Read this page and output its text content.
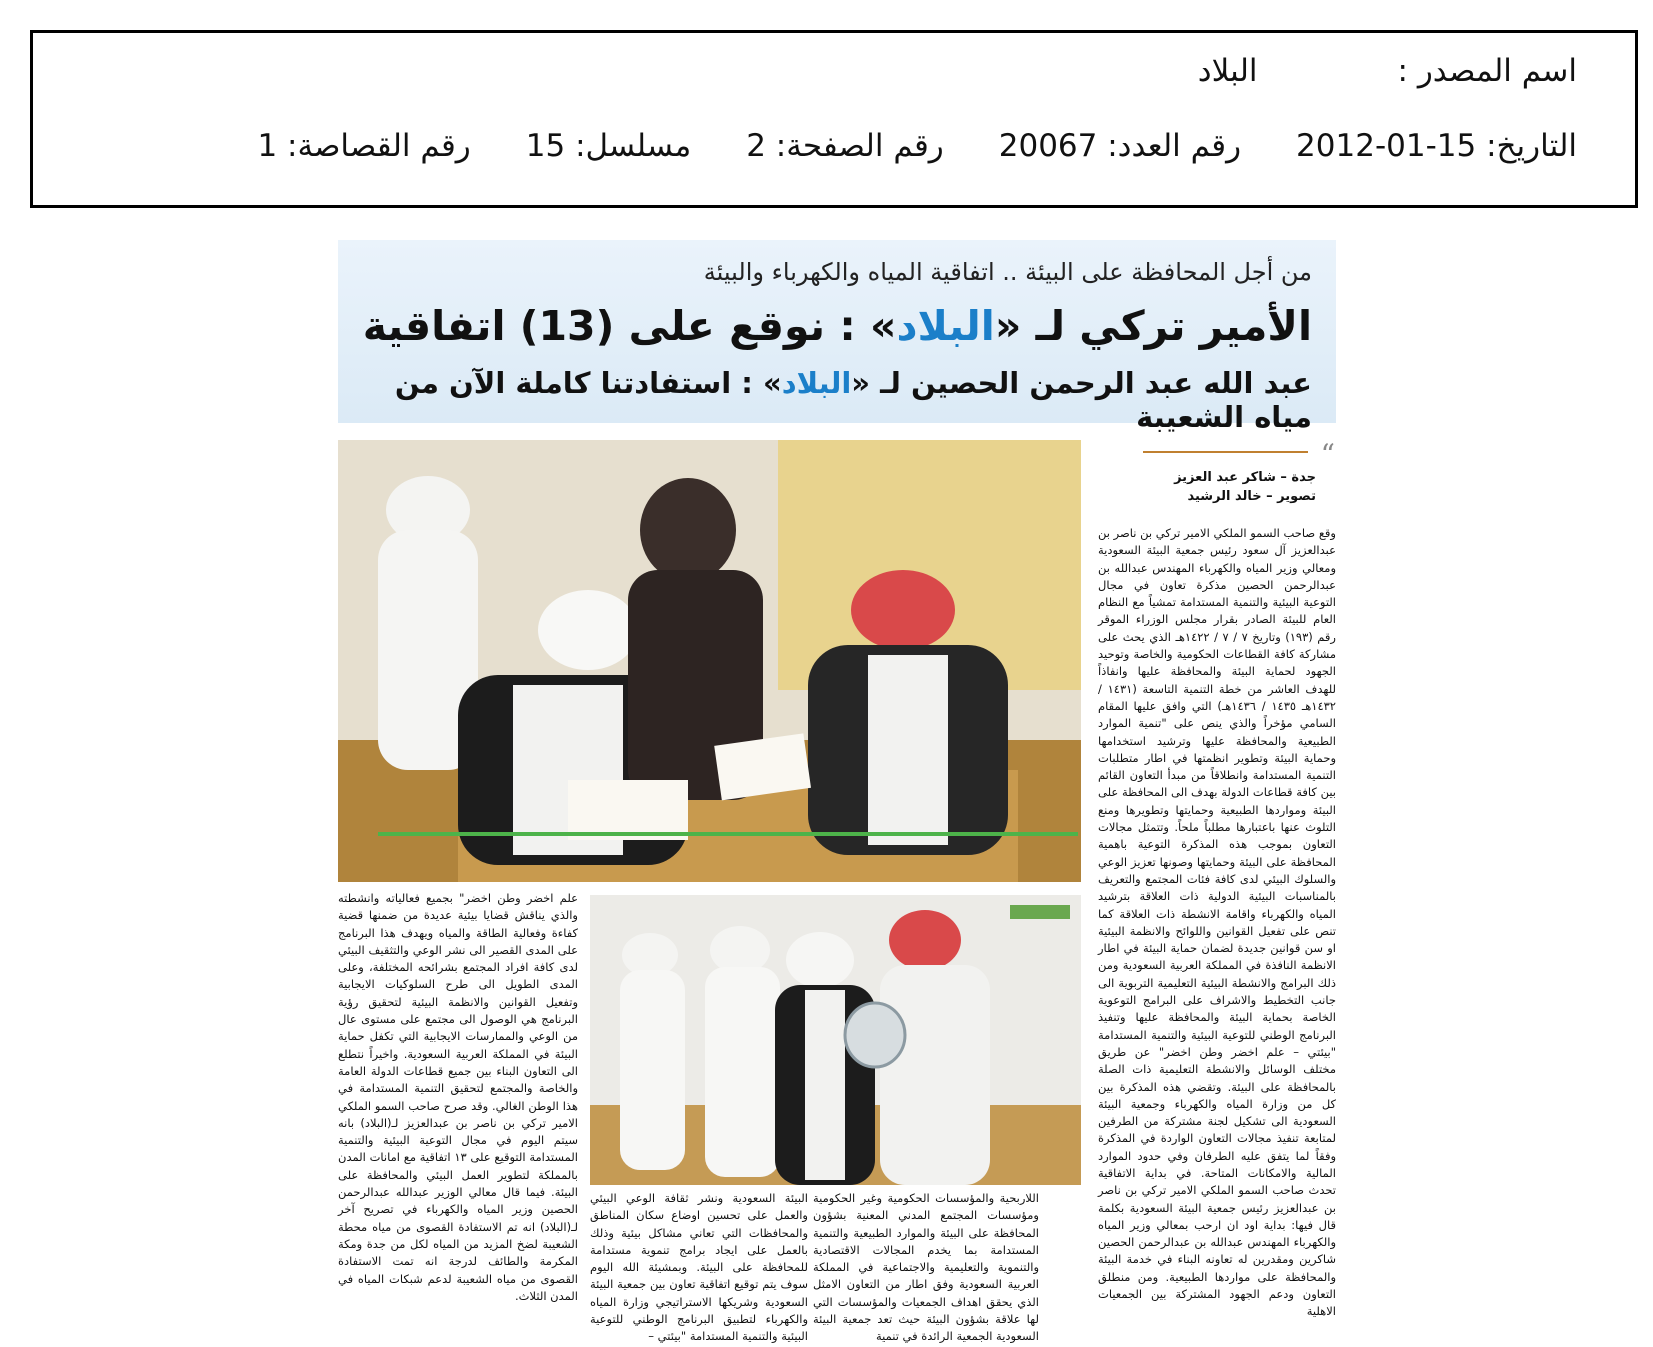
اسم المصدر :البلاد
التاريخ: 15-01-2012رقم العدد: 20067رقم الصفحة: 2مسلسل: 15رقم القصاصة: 1
من أجل المحافظة على البيئة .. اتفاقية المياه والكهرباء والبيئة
الأمير تركي لـ «البلاد» : نوقع على (13) اتفاقية
عبد الله عبد الرحمن الحصين لـ «البلاد» : استفادتنا كاملة الآن من مياه الشعيبة
“
جدة – شاكر عبد العزيز
تصوير – خالد الرشيد

وقع صاحب السمو الملكي الامير تركي بن ناصر بن عبدالعزيز آل سعود رئيس جمعية البيئة السعودية ومعالي وزير المياه والكهرباء المهندس عبدالله بن عبدالرحمن الحصين مذكرة تعاون في مجال التوعية البيئية والتنمية المستدامة تمشياً مع النظام العام للبيئة الصادر بقرار مجلس الوزراء الموقر رقم (١٩٣) وتاريخ ٧ / ٧ / ١٤٢٢هـ الذي يحث على مشاركة كافة القطاعات الحكومية والخاصة وتوحيد الجهود لحماية البيئة والمحافظة عليها وانفاذاً للهدف العاشر من خطة التنمية التاسعة (١٤٣١ / ١٤٣٢هـ ١٤٣٥ / ١٤٣٦هـ) التي وافق عليها المقام السامي مؤخراً والذي ينص على "تنمية الموارد الطبيعية والمحافظة عليها وترشيد استخدامها وحماية البيئة وتطوير انظمتها في اطار متطلبات التنمية المستدامة وانطلاقاً من مبدأ التعاون القائم بين كافة قطاعات الدولة بهدف الى المحافظة على البيئة ومواردها الطبيعية وحمايتها وتطويرها ومنع التلوث عنها باعتبارها مطلباً ملحاً. وتتمثل مجالات التعاون بموجب هذه المذكرة التوعية باهمية المحافظة على البيئة وحمايتها وصونها تعزيز الوعي والسلوك البيئي لدى كافة فئات المجتمع والتعريف بالمناسبات البيئية الدولية ذات العلاقة بترشيد المياه والكهرباء واقامة الانشطة ذات العلاقة كما تنص على تفعيل القوانين واللوائح والانظمة البيئية او سن قوانين جديدة لضمان حماية البيئة في اطار الانظمة النافذة في المملكة العربية السعودية ومن ذلك البرامج والانشطة البيئية التعليمية التربوية الى جانب التخطيط والاشراف على البرامج التوعوية الخاصة بحماية البيئة والمحافظة عليها وتنفيذ البرنامج الوطني للتوعية البيئية والتنمية المستدامة "بيئتي – علم اخضر وطن اخضر" عن طريق مختلف الوسائل والانشطة التعليمية ذات الصلة بالمحافظة على البيئة. وتقضي هذه المذكرة بين كل من وزارة المياه والكهرباء وجمعية البيئة السعودية الى تشكيل لجنة مشتركة من الطرفين لمتابعة تنفيذ مجالات التعاون الواردة في المذكرة وفقاً لما يتفق عليه الطرفان وفي حدود الموارد المالية والامكانات المتاحة. في بداية الاتفاقية تحدث صاحب السمو الملكي الامير تركي بن ناصر بن عبدالعزيز رئيس جمعية البيئة السعودية بكلمة قال فيها: بداية اود ان ارحب بمعالي وزير المياه والكهرباء المهندس عبدالله بن عبدالرحمن الحصين شاكرين ومقدرين له تعاونه البناء في خدمة البيئة والمحافظة على مواردها الطبيعية. ومن منطلق التعاون ودعم الجهود المشتركة بين الجمعيات الاهلية

اللاربحية والمؤسسات الحكومية وغير الحكومية ومؤسسات المجتمع المدني المعنية بشؤون المحافظة على البيئة والموارد الطبيعية والتنمية المستدامة بما يخدم المجالات الاقتصادية والتنموية والتعليمية والاجتماعية في المملكة العربية السعودية وفق اطار من التعاون الامثل الذي يحقق اهداف الجمعيات والمؤسسات التي لها علاقة بشؤون البيئة حيث تعد جمعية البيئة السعودية الجمعية الرائدة في تنمية

البيئة السعودية ونشر ثقافة الوعي البيئي والعمل على تحسين اوضاع سكان المناطق والمحافظات التي تعاني مشاكل بيئية وذلك بالعمل على ايجاد برامج تنموية مستدامة للمحافظة على البيئة. وبمشيئة الله اليوم سوف يتم توقيع اتفاقية تعاون بين جمعية البيئة السعودية وشريكها الاستراتيجي وزارة المياه والكهرباء لتطبيق البرنامج الوطني للتوعية البيئية والتنمية المستدامة "بيئتي –

علم اخضر وطن اخضر" بجميع فعالياته وانشطته والذي يناقش قضايا بيئية عديدة من ضمنها قضية كفاءة وفعالية الطاقة والمياه ويهدف هذا البرنامج على المدى القصير الى نشر الوعي والتثقيف البيئي لدى كافة افراد المجتمع بشرائحه المختلفة، وعلى المدى الطويل الى طرح السلوكيات الايجابية وتفعيل القوانين والانظمة البيئية لتحقيق رؤية البرنامج هي الوصول الى مجتمع على مستوى عال من الوعي والممارسات الايجابية التي تكفل حماية البيئة في المملكة العربية السعودية. واخيراً نتطلع الى التعاون البناء بين جميع قطاعات الدولة العامة والخاصة والمجتمع لتحقيق التنمية المستدامة في هذا الوطن الغالي. وقد صرح صاحب السمو الملكي الامير تركي بن ناصر بن عبدالعزيز لـ(البلاد) بانه سيتم اليوم في مجال التوعية البيئية والتنمية المستدامة التوقيع على ١٣ اتفاقية مع امانات المدن بالمملكة لتطوير العمل البيئي والمحافظة على البيئة. فيما قال معالي الوزير عبدالله عبدالرحمن الحصين وزير المياه والكهرباء في تصريح آخر لـ(البلاد) انه تم الاستفادة القصوى من مياه محطة الشعيبة لضخ المزيد من المياه لكل من جدة ومكة المكرمة والطائف لدرجة انه تمت الاستفادة القصوى من مياه الشعيبة لدعم شبكات المياه في المدن الثلاث.
